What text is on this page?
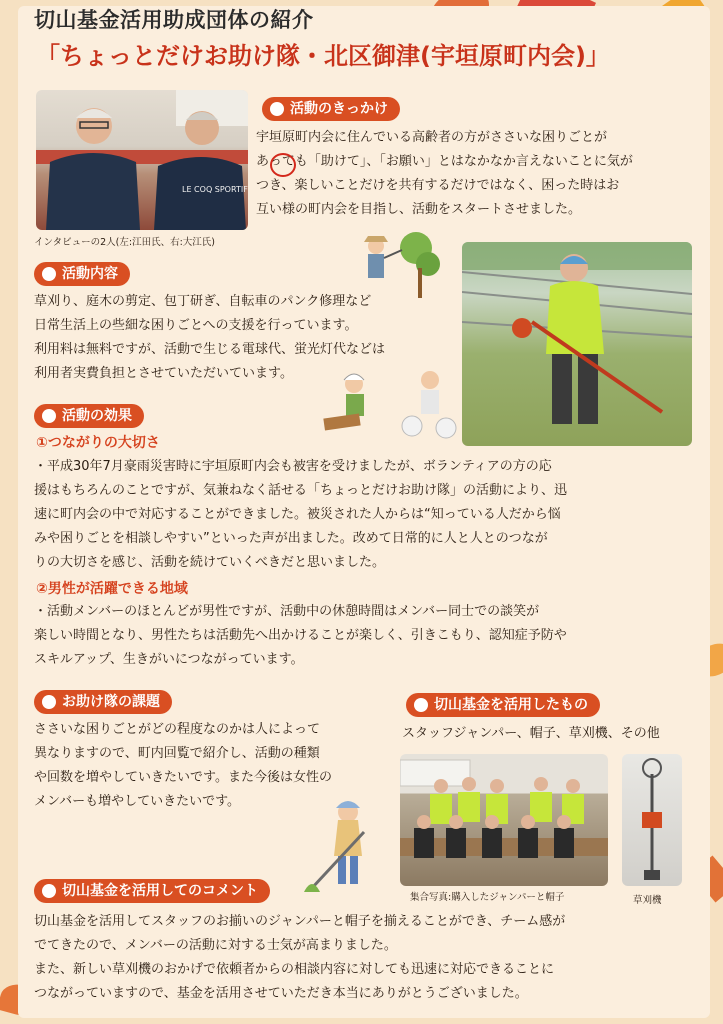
切山基金活用助成団体の紹介
「ちょっとだけお助け隊・北区御津(宇垣原町内会)」
LE COQ SPORTIF
インタビューの2人(左:江田氏、右:大江氏)
活動のきっかけ
宇垣原町内会に住んでいる高齢者の方がささいな困りごとが
あっても「助けて」、「お願い」とはなかなか言えないことに気が
つき、楽しいことだけを共有するだけではなく、困った時はお
互い様の町内会を目指し、活動をスタートさせました。
活動内容
草刈り、庭木の剪定、包丁研ぎ、自転車のパンク修理など
日常生活上の些細な困りごとへの支援を行っています。
利用料は無料ですが、活動で生じる電球代、蛍光灯代などは
利用者実費負担とさせていただいています。
活動の効果
①つながりの大切さ
・平成30年7月豪雨災害時に宇垣原町内会も被害を受けましたが、ボランティアの方の応
援はもちろんのことですが、気兼ねなく話せる「ちょっとだけお助け隊」の活動により、迅
速に町内会の中で対応することができました。被災された人からは“知っている人だから悩
みや困りごとを相談しやすい”といった声が出ました。改めて日常的に人と人とのつなが
りの大切さを感じ、活動を続けていくべきだと思いました。
②男性が活躍できる地域
・活動メンバーのほとんどが男性ですが、活動中の休憩時間はメンバー同士での談笑が
楽しい時間となり、男性たちは活動先へ出かけることが楽しく、引きこもり、認知症予防や
スキルアップ、生きがいにつながっています。
お助け隊の課題
ささいな困りごとがどの程度なのかは人によって
異なりますので、町内回覧で紹介し、活動の種類
や回数を増やしていきたいです。また今後は女性の
メンバーも増やしていきたいです。
切山基金を活用したもの
スタッフジャンパー、帽子、草刈機、その他
集合写真:購入したジャンパーと帽子	草刈機
切山基金を活用してのコメント
切山基金を活用してスタッフのお揃いのジャンパーと帽子を揃えることができ、チーム感が
でてきたので、メンバーの活動に対する士気が高まりました。
また、新しい草刈機のおかげで依頼者からの相談内容に対しても迅速に対応できることに
つながっていますので、基金を活用させていただき本当にありがとうございました。
